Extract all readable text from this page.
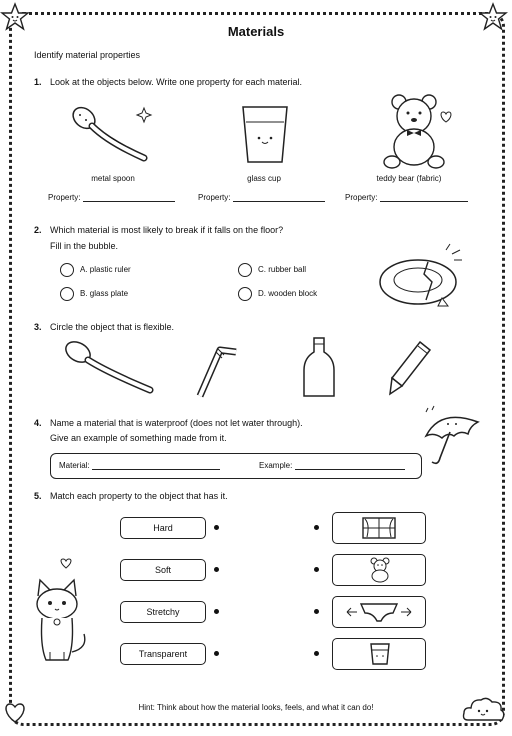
Materials
Identify material properties
1. Look at the objects below. Write one property for each material.
metal spoon	glass cup	teddy bear (fabric)
Property:	Property:	Property:
2. Which material is most likely to break if it falls on the floor?
Fill in the bubble.
A. plastic ruler
B. glass plate
C. rubber ball
D. wooden block
3. Circle the object that is flexible.
4. Name a material that is waterproof (does not let water through).
Give an example of something made from it.
Material:	Example:
5. Match each property to the object that has it.
Hard
Soft
Stretchy
Transparent
Hint: Think about how the material looks, feels, and what it can do!
